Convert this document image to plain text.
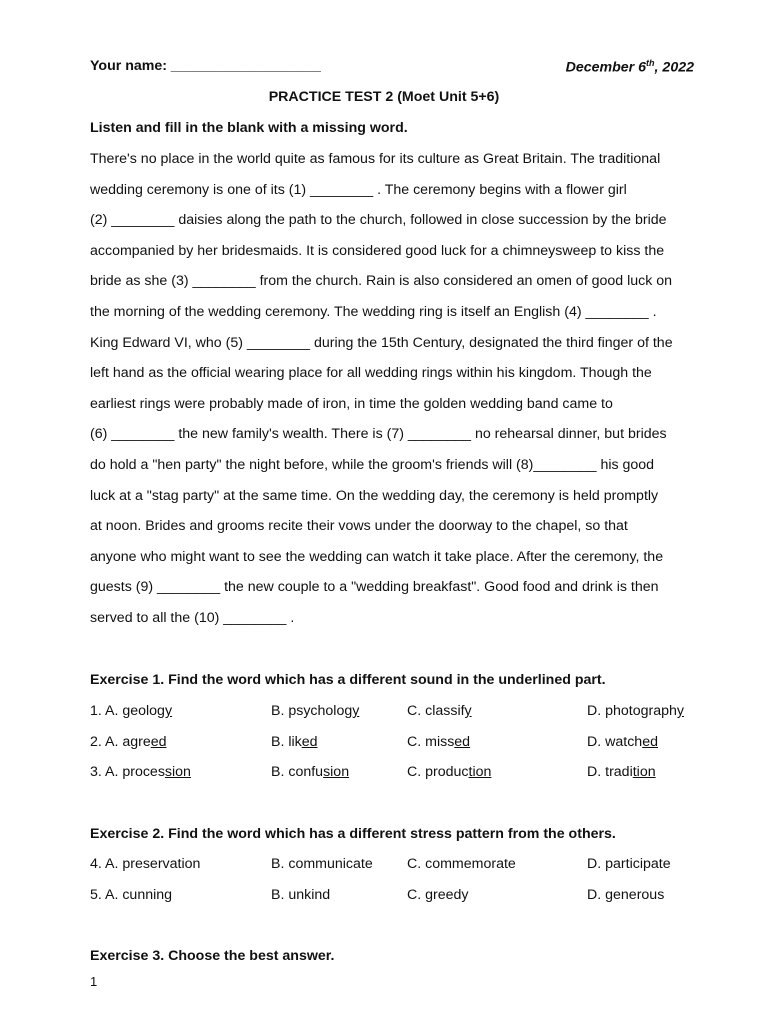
Your name: ___________________	December 6th, 2022
PRACTICE TEST 2 (Moet Unit 5+6)
Listen and fill in the blank with a missing word.
There's no place in the world quite as famous for its culture as Great Britain. The traditional
wedding ceremony is one of its (1) ________ . The ceremony begins with a flower girl
(2) ________ daisies along the path to the church, followed in close succession by the bride
accompanied by her bridesmaids. It is considered good luck for a chimneysweep to kiss the
bride as she (3) ________ from the church. Rain is also considered an omen of good luck on
the morning of the wedding ceremony. The wedding ring is itself an English (4) ________ .
King Edward VI, who (5) ________ during the 15th Century, designated the third finger of the
left hand as the official wearing place for all wedding rings within his kingdom. Though the
earliest rings were probably made of iron, in time the golden wedding band came to
(6) ________ the new family's wealth. There is (7) ________ no rehearsal dinner, but brides
do hold a "hen party" the night before, while the groom's friends will (8)________ his good
luck at a "stag party" at the same time. On the wedding day, the ceremony is held promptly
at noon. Brides and grooms recite their vows under the doorway to the chapel, so that
anyone who might want to see the wedding can watch it take place. After the ceremony, the
guests (9) ________ the new couple to a "wedding breakfast". Good food and drink is then
served to all the (10) ________ .
Exercise 1. Find the word which has a different sound in the underlined part.
1. A. geology	B. psychology	C. classify	D. photography
2. A. agreed	B. liked	C. missed	D. watched
3. A. procession	B. confusion	C. production	D. tradition
Exercise 2. Find the word which has a different stress pattern from the others.
4. A. preservation	B. communicate C. commemorate	D. participate
5. A. cunning	B. unkind	C. greedy	D. generous
Exercise 3. Choose the best answer.
1
